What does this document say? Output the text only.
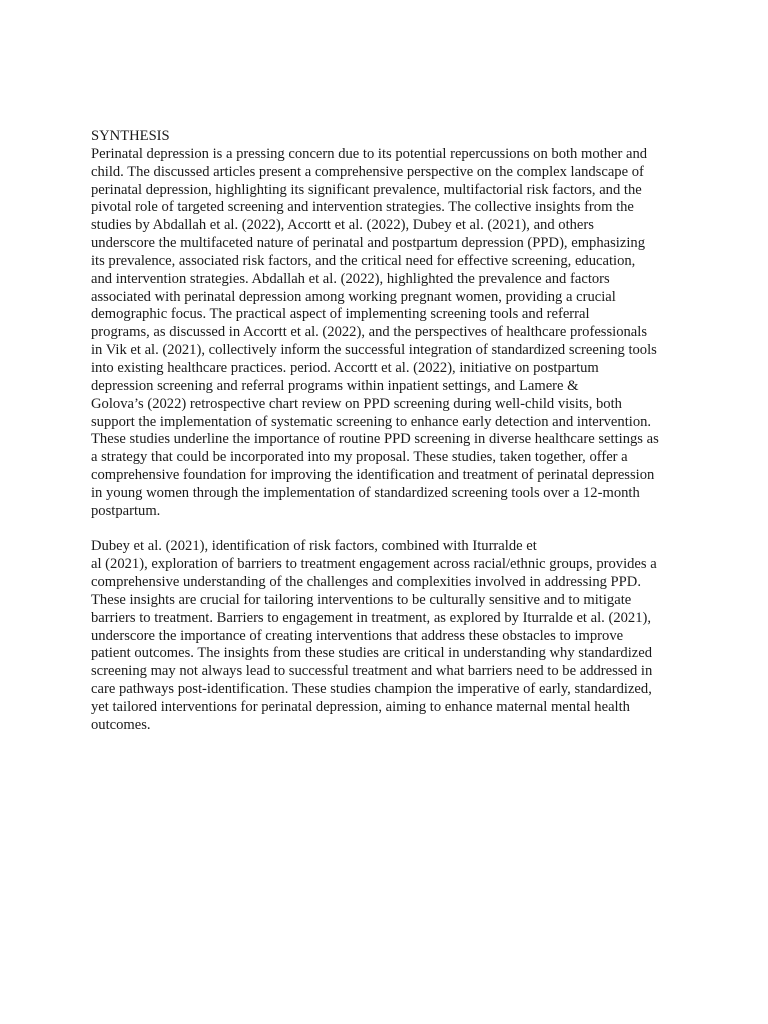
SYNTHESIS
Perinatal depression is a pressing concern due to its potential repercussions on both mother and
child. The discussed articles present a comprehensive perspective on the complex landscape of
perinatal depression, highlighting its significant prevalence, multifactorial risk factors, and the
pivotal role of targeted screening and intervention strategies. The collective insights from the
studies by Abdallah et al. (2022), Accortt et al. (2022), Dubey et al. (2021), and others
underscore the multifaceted nature of perinatal and postpartum depression (PPD), emphasizing
its prevalence, associated risk factors, and the critical need for effective screening, education,
and intervention strategies. Abdallah et al. (2022), highlighted the prevalence and factors
associated with perinatal depression among working pregnant women, providing a crucial
demographic focus. The practical aspect of implementing screening tools and referral
programs, as discussed in Accortt et al. (2022), and the perspectives of healthcare professionals
in Vik et al. (2021), collectively inform the successful integration of standardized screening tools
into existing healthcare practices. period. Accortt et al. (2022), initiative on postpartum
depression screening and referral programs within inpatient settings, and Lamere &
Golova’s (2022) retrospective chart review on PPD screening during well-child visits, both
support the implementation of systematic screening to enhance early detection and intervention.
These studies underline the importance of routine PPD screening in diverse healthcare settings as
a strategy that could be incorporated into my proposal. These studies, taken together, offer a
comprehensive foundation for improving the identification and treatment of perinatal depression
in young women through the implementation of standardized screening tools over a 12-month
postpartum.
Dubey et al. (2021), identification of risk factors, combined with Iturralde et
al (2021), exploration of barriers to treatment engagement across racial/ethnic groups, provides a
comprehensive understanding of the challenges and complexities involved in addressing PPD.
These insights are crucial for tailoring interventions to be culturally sensitive and to mitigate
barriers to treatment. Barriers to engagement in treatment, as explored by Iturralde et al. (2021),
underscore the importance of creating interventions that address these obstacles to improve
patient outcomes. The insights from these studies are critical in understanding why standardized
screening may not always lead to successful treatment and what barriers need to be addressed in
care pathways post-identification. These studies champion the imperative of early, standardized,
yet tailored interventions for perinatal depression, aiming to enhance maternal mental health
outcomes.
